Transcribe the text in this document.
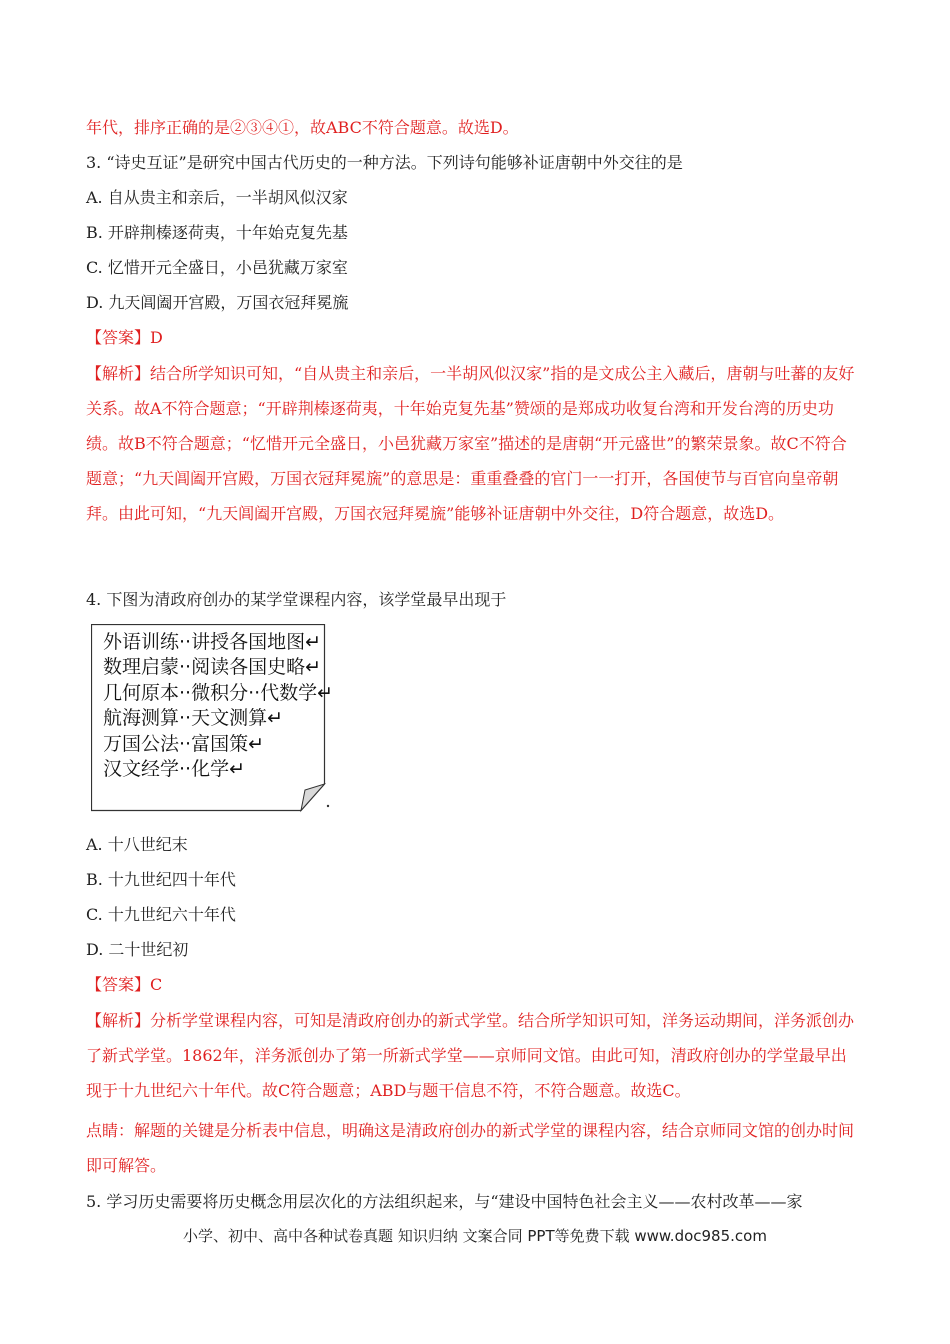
年代，排序正确的是②③④①，故ABC不符合题意。故选D。
3. “诗史互证”是研究中国古代历史的一种方法。下列诗句能够补证唐朝中外交往的是
A. 自从贵主和亲后，一半胡风似汉家
B. 开辟荆榛逐荷夷，十年始克复先基
C. 忆惜开元全盛日，小邑犹藏万家室
D. 九天阊阖开宫殿，万国衣冠拜冕旒
【答案】D
【解析】结合所学知识可知，“自从贵主和亲后，一半胡风似汉家”指的是文成公主入藏后，唐朝与吐蕃的友好关系。故A不符合题意；“开辟荆榛逐荷夷，十年始克复先基”赞颂的是郑成功收复台湾和开发台湾的历史功绩。故B不符合题意；“忆惜开元全盛日，小邑犹藏万家室”描述的是唐朝“开元盛世”的繁荣景象。故C不符合题意；“九天阊阖开宫殿，万国衣冠拜冕旒”的意思是：重重叠叠的官门一一打开，各国使节与百官向皇帝朝拜。由此可知，“九天阊阖开宫殿，万国衣冠拜冕旒”能够补证唐朝中外交往，D符合题意，故选D。
4. 下图为清政府创办的某学堂课程内容，该学堂最早出现于
外语训练··讲授各国地图↵
数理启蒙··阅读各国史略↵
几何原本··微积分··代数学↵
航海测算··天文测算↵
万国公法··富国策↵
汉文经学··化学↵
A. 十八世纪末
B. 十九世纪四十年代
C. 十九世纪六十年代
D. 二十世纪初
【答案】C
【解析】分析学堂课程内容，可知是清政府创办的新式学堂。结合所学知识可知，洋务运动期间，洋务派创办了新式学堂。1862年，洋务派创办了第一所新式学堂——京师同文馆。由此可知，清政府创办的学堂最早出现于十九世纪六十年代。故C符合题意；ABD与题干信息不符，不符合题意。故选C。
点睛：解题的关键是分析表中信息，明确这是清政府创办的新式学堂的课程内容，结合京师同文馆的创办时间即可解答。
5. 学习历史需要将历史概念用层次化的方法组织起来，与“建设中国特色社会主义——农村改革——家
小学、初中、高中各种试卷真题 知识归纳 文案合同 PPT等免费下载 www.doc985.com
